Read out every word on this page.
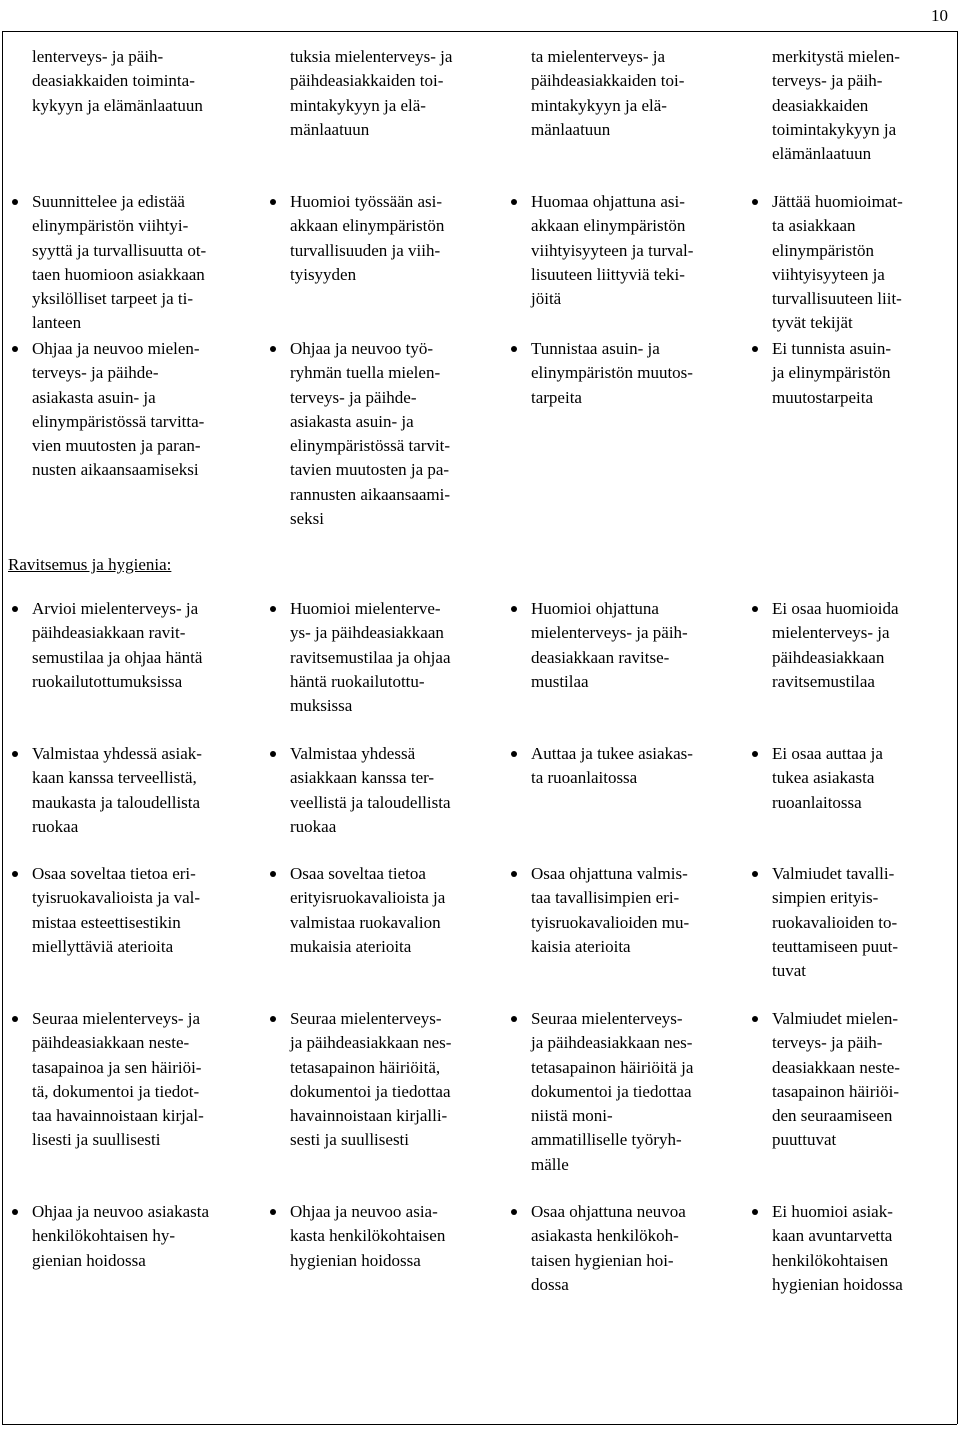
10
lenterveys- ja päih-
deasiakkaiden toiminta-
kykyyn ja elämänlaatuun
tuksia mielenterveys- ja
päihdeasiakkaiden toi-
mintakykyyn ja elä-
mänlaatuun
ta mielenterveys- ja
päihdeasiakkaiden toi-
mintakykyyn ja elä-
mänlaatuun
merkitystä mielen-
terveys- ja päih-
deasiakkaiden
toimintakykyyn ja
elämänlaatuun
Suunnittelee ja edistää
elinympäristön viihtyi-
syyttä ja turvallisuutta ot-
taen huomioon asiakkaan
yksilölliset tarpeet ja ti-
lanteen
Ohjaa ja neuvoo mielen-
terveys- ja päihde-
asiakasta asuin- ja
elinympäristössä tarvitta-
vien muutosten ja paran-
nusten aikaansaamiseksi
Huomioi työssään asi-
akkaan elinympäristön
turvallisuuden ja viih-
tyisyyden
Ohjaa ja neuvoo työ-
ryhmän tuella mielen-
terveys- ja päihde-
asiakasta asuin- ja
elinympäristössä tarvit-
tavien muutosten ja pa-
rannusten aikaansaami-
seksi
Huomaa ohjattuna asi-
akkaan elinympäristön
viihtyisyyteen ja turval-
lisuuteen liittyviä teki-
jöitä
Tunnistaa asuin- ja
elinympäristön muutos-
tarpeita
Jättää huomioimat-
ta asiakkaan
elinympäristön
viihtyisyyteen ja
turvallisuuteen liit-
tyvät tekijät
Ei tunnista asuin-
ja elinympäristön
muutostarpeita
Ravitsemus ja hygienia:
Arvioi mielenterveys- ja
päihdeasiakkaan ravit-
semustilaa ja ohjaa häntä
ruokailutottumuksissa
Huomioi mielenterve-
ys- ja päihdeasiakkaan
ravitsemustilaa ja ohjaa
häntä ruokailutottu-
muksissa
Huomioi ohjattuna
mielenterveys- ja päih-
deasiakkaan ravitse-
mustilaa
Ei osaa huomioida
mielenterveys- ja
päihdeasiakkaan
ravitsemustilaa
Valmistaa yhdessä asiak-
kaan kanssa terveellistä,
maukasta ja taloudellista
ruokaa
Valmistaa yhdessä
asiakkaan kanssa ter-
veellistä ja taloudellista
ruokaa
Auttaa ja tukee asiakas-
ta ruoanlaitossa
Ei osaa auttaa ja
tukea asiakasta
ruoanlaitossa
Osaa soveltaa tietoa eri-
tyisruokavalioista ja val-
mistaa esteettisestikin
miellyttäviä aterioita
Osaa soveltaa tietoa
erityisruokavalioista ja
valmistaa ruokavalion
mukaisia aterioita
Osaa ohjattuna valmis-
taa tavallisimpien eri-
tyisruokavalioiden mu-
kaisia aterioita
Valmiudet tavalli-
simpien erityis-
ruokavalioiden to-
teuttamiseen puut-
tuvat
Seuraa mielenterveys- ja
päihdeasiakkaan neste-
tasapainoa ja sen häiriöi-
tä, dokumentoi ja tiedot-
taa havainnoistaan kirjal-
lisesti ja suullisesti
Seuraa mielenterveys-
ja päihdeasiakkaan nes-
tetasapainon häiriöitä,
dokumentoi ja tiedottaa
havainnoistaan kirjalli-
sesti ja suullisesti
Seuraa mielenterveys-
ja päihdeasiakkaan nes-
tetasapainon häiriöitä ja
dokumentoi ja tiedottaa
niistä moni-
ammatilliselle työryh-
mälle
Valmiudet mielen-
terveys- ja päih-
deasiakkaan neste-
tasapainon häiriöi-
den seuraamiseen
puuttuvat
Ohjaa ja neuvoo asiakasta
henkilökohtaisen hy-
gienian hoidossa
Ohjaa ja neuvoo asia-
kasta henkilökohtaisen
hygienian hoidossa
Osaa ohjattuna neuvoa
asiakasta henkilökoh-
taisen hygienian hoi-
dossa
Ei huomioi asiak-
kaan avuntarvetta
henkilökohtaisen
hygienian hoidossa
